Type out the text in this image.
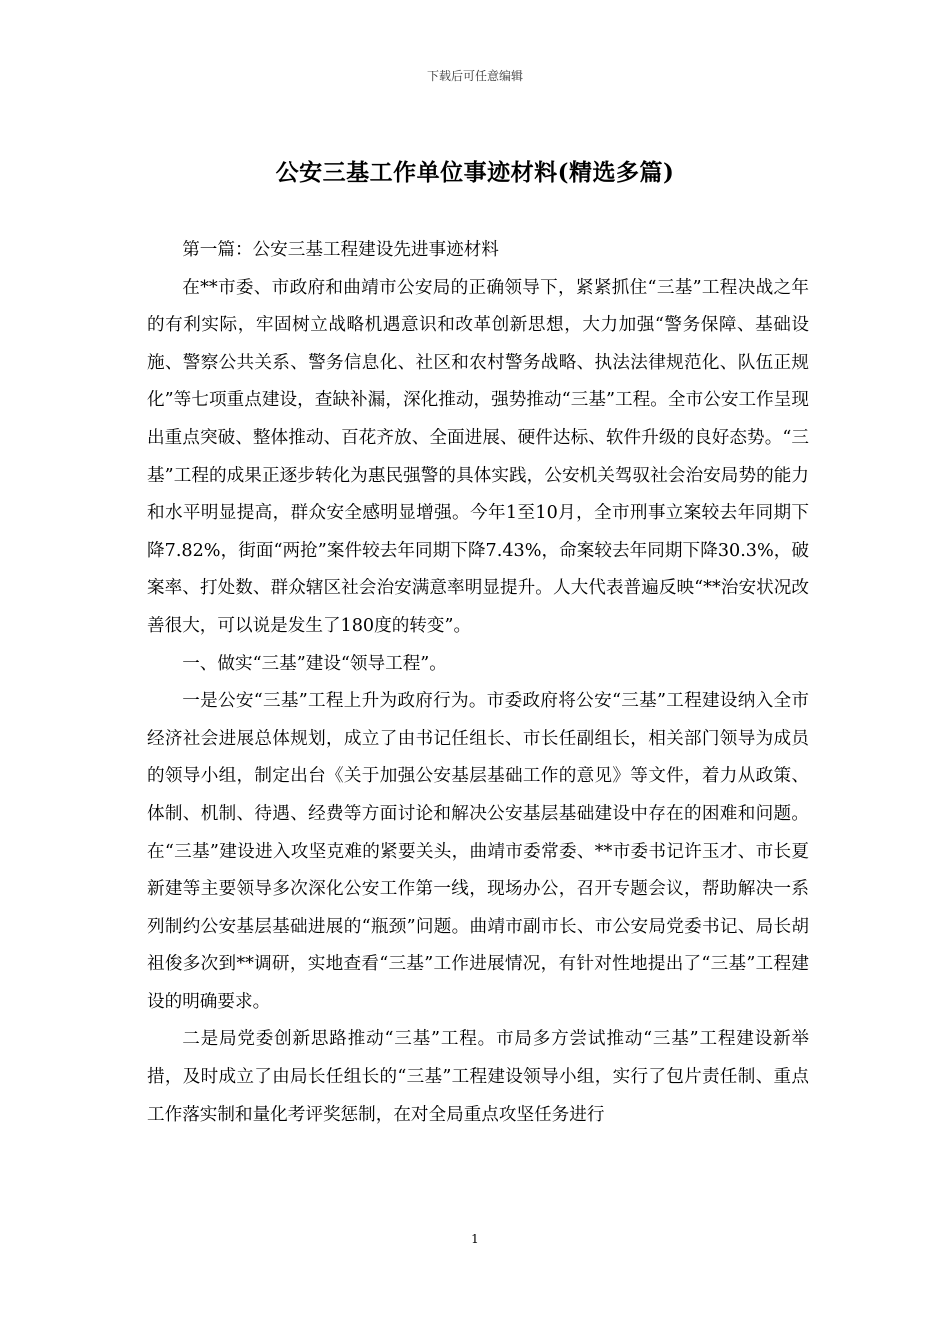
下载后可任意编辑
公安三基工作单位事迹材料(精选多篇)

第一篇：公安三基工程建设先进事迹材料

在**市委、市政府和曲靖市公安局的正确领导下，紧紧抓住“三基”工程决战之年的有利实际，牢固树立战略机遇意识和改革创新思想，大力加强“警务保障、基础设施、警察公共关系、警务信息化、社区和农村警务战略、执法法律规范化、队伍正规化”等七项重点建设，查缺补漏，深化推动，强势推动“三基”工程。全市公安工作呈现出重点突破、整体推动、百花齐放、全面进展、硬件达标、软件升级的良好态势。“三基”工程的成果正逐步转化为惠民强警的具体实践，公安机关驾驭社会治安局势的能力和水平明显提高，群众安全感明显增强。今年1至10月，全市刑事立案较去年同期下降7.82%，街面“两抢”案件较去年同期下降7.43%，命案较去年同期下降30.3%，破案率、打处数、群众辖区社会治安满意率明显提升。人大代表普遍反映“**治安状况改善很大，可以说是发生了180度的转变”。

一、做实“三基”建设“领导工程”。

一是公安“三基”工程上升为政府行为。市委政府将公安“三基”工程建设纳入全市经济社会进展总体规划，成立了由书记任组长、市长任副组长，相关部门领导为成员的领导小组，制定出台《关于加强公安基层基础工作的意见》等文件，着力从政策、体制、机制、待遇、经费等方面讨论和解决公安基层基础建设中存在的困难和问题。在“三基”建设进入攻坚克难的紧要关头，曲靖市委常委、**市委书记许玉才、市长夏新建等主要领导多次深化公安工作第一线，现场办公，召开专题会议，帮助解决一系列制约公安基层基础进展的“瓶颈”问题。曲靖市副市长、市公安局党委书记、局长胡祖俊多次到**调研，实地查看“三基”工作进展情况，有针对性地提出了“三基”工程建设的明确要求。

二是局党委创新思路推动“三基”工程。市局多方尝试推动“三基”工程建设新举措，及时成立了由局长任组长的“三基”工程建设领导小组，实行了包片责任制、重点工作落实制和量化考评奖惩制，在对全局重点攻坚任务进行

1
